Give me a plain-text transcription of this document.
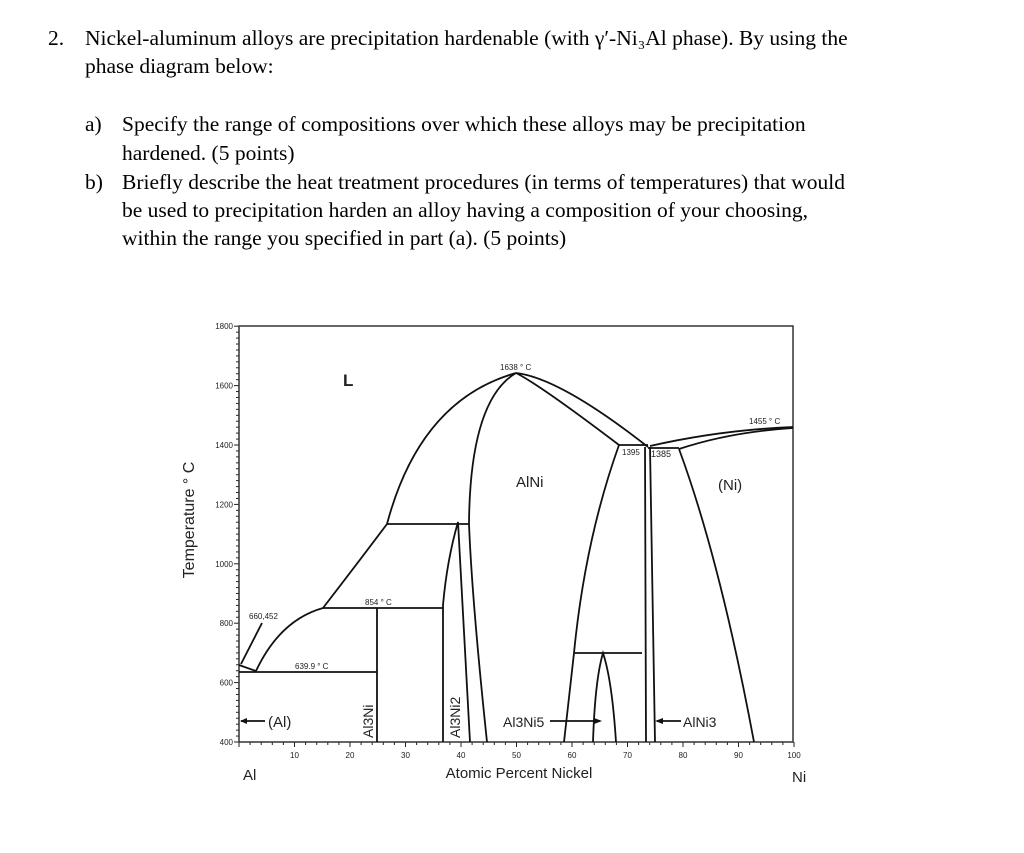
2. Nickel-aluminum alloys are precipitation hardenable (with γ′-Ni₃Al phase). By using the
phase diagram below:
a) Specify the range of compositions over which these alloys may be precipitation
hardened. (5 points)
b) Briefly describe the heat treatment procedures (in terms of temperatures) that would
be used to precipitation harden an alloy having a composition of your choosing,
within the range you specified in part (a). (5 points)
L
AlNi	(Ni)
(Al)	Al3Ni5	AlNi3
Al3Ni	Al3Ni2
1638 ° C
1455 ° C
1395 1385
854 ° C
660,452
639.9 ° C
1800
1600
1400
1200
1000
800
600
400
10	20	30	40	50	60	70	80	90	100
Temperature ° C
Atomic Percent Nickel
Al	Ni
